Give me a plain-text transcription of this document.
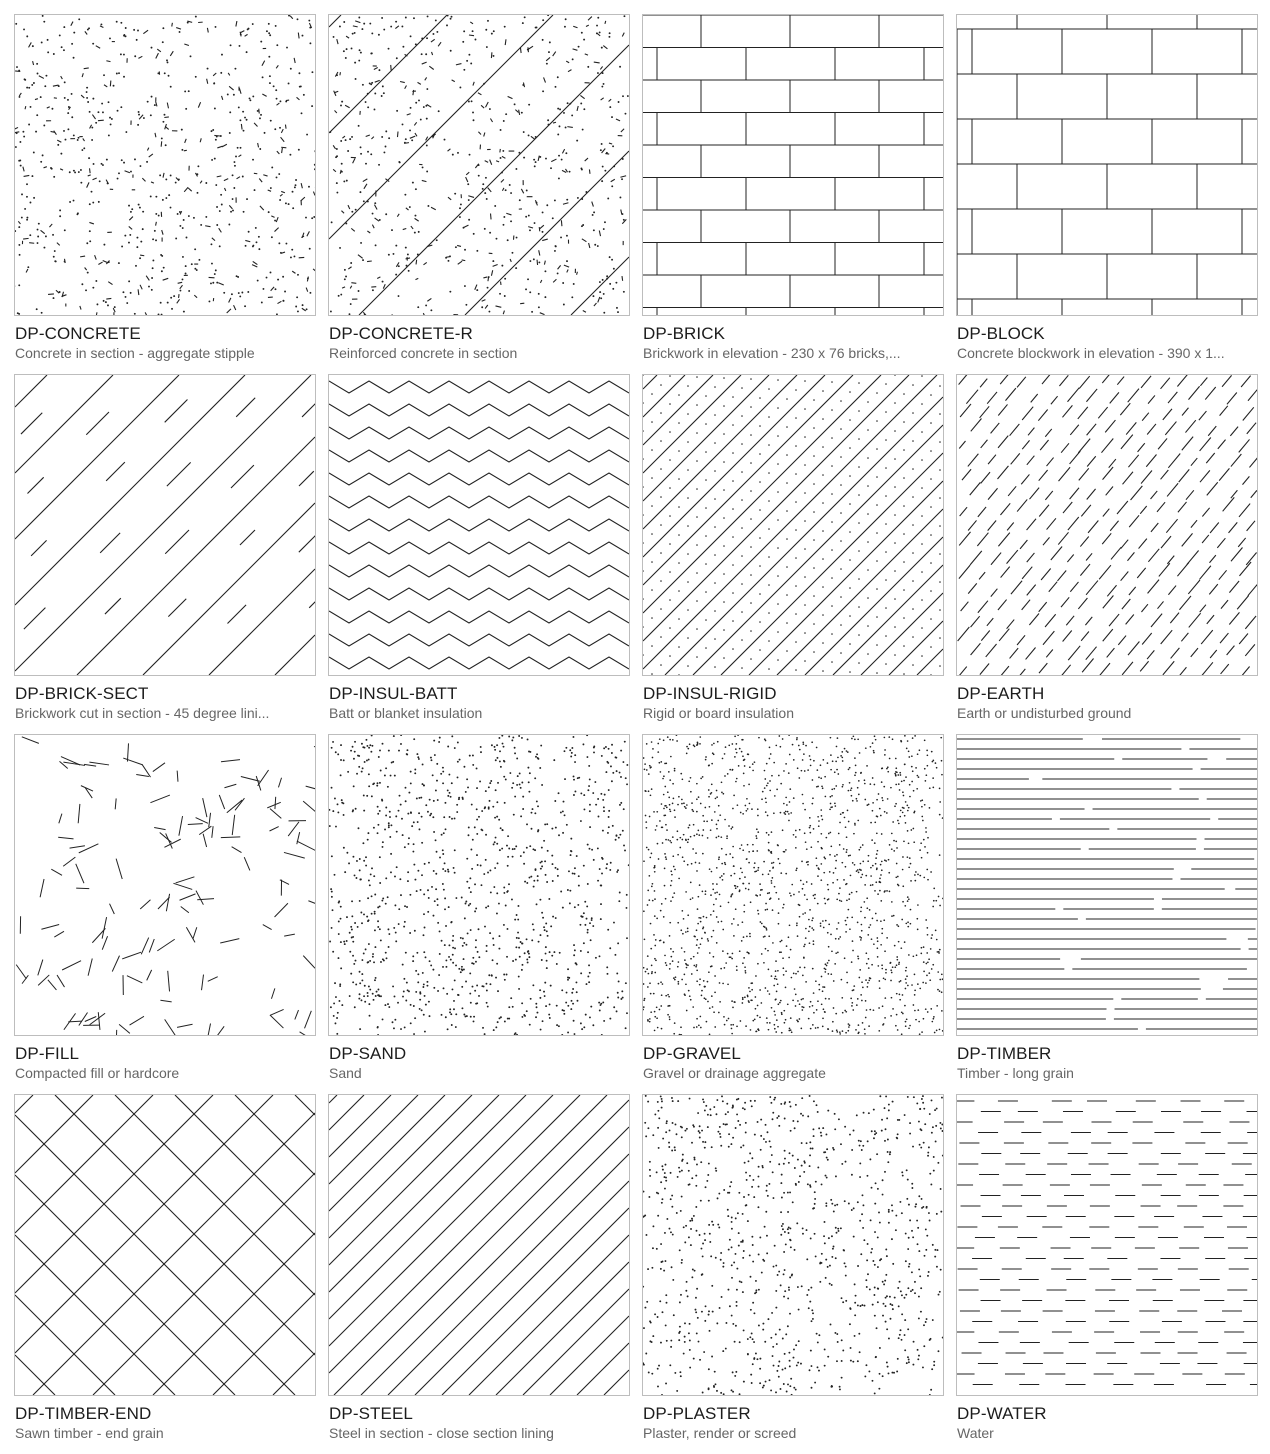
DP-CONCRETE
Concrete in section - aggregate stipple
DP-CONCRETE-R
Reinforced concrete in section
DP-BRICK
Brickwork in elevation - 230 x 76 bricks,...
DP-BLOCK
Concrete blockwork in elevation - 390 x 1...
DP-BRICK-SECT
Brickwork cut in section - 45 degree lini...
DP-INSUL-BATT
Batt or blanket insulation
DP-INSUL-RIGID
Rigid or board insulation
DP-EARTH
Earth or undisturbed ground
DP-FILL
Compacted fill or hardcore
DP-SAND
Sand
DP-GRAVEL
Gravel or drainage aggregate
DP-TIMBER
Timber - long grain
DP-TIMBER-END
Sawn timber - end grain
DP-STEEL
Steel in section - close section lining
DP-PLASTER
Plaster, render or screed
DP-WATER
Water
